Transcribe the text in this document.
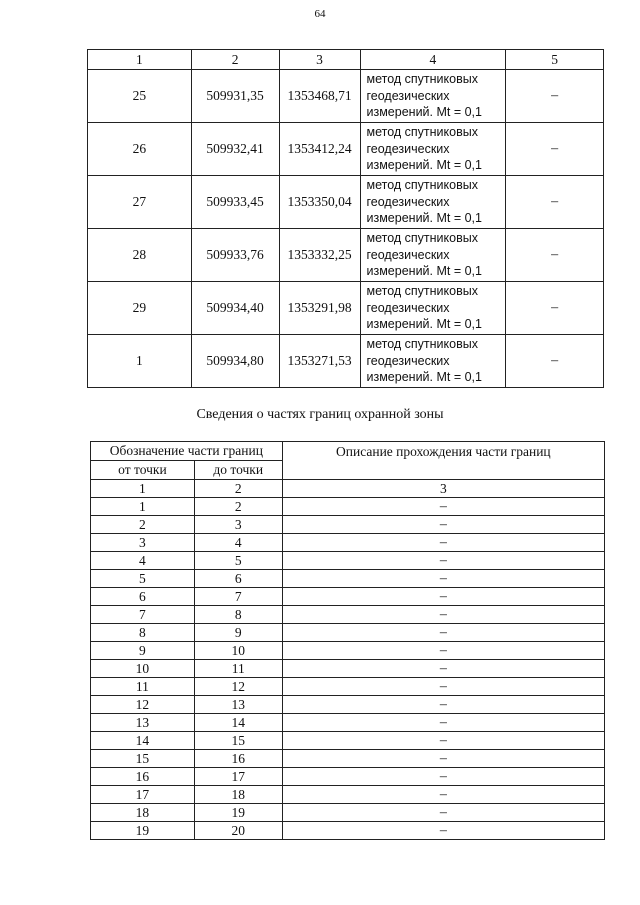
64
1	2	3	4	5
25	509931,35	1353468,71	метод спутниковых
геодезических
измерений. Mt = 0,1	–
26	509932,41	1353412,24	метод спутниковых
геодезических
измерений. Mt = 0,1	–
27	509933,45	1353350,04	метод спутниковых
геодезических
измерений. Mt = 0,1	–
28	509933,76	1353332,25	метод спутниковых
геодезических
измерений. Mt = 0,1	–
29	509934,40	1353291,98	метод спутниковых
геодезических
измерений. Mt = 0,1	–
1	509934,80	1353271,53	метод спутниковых
геодезических
измерений. Mt = 0,1	–
Сведения о частях границ охранной зоны
Обозначение части границ		Описание прохождения части границ
от точки	до точки	
1	2	3
1	2	–
2	3	–
3	4	–
4	5	–
5	6	–
6	7	–
7	8	–
8	9	–
9	10	–
10	11	–
11	12	–
12	13	–
13	14	–
14	15	–
15	16	–
16	17	–
17	18	–
18	19	–
19	20	–
